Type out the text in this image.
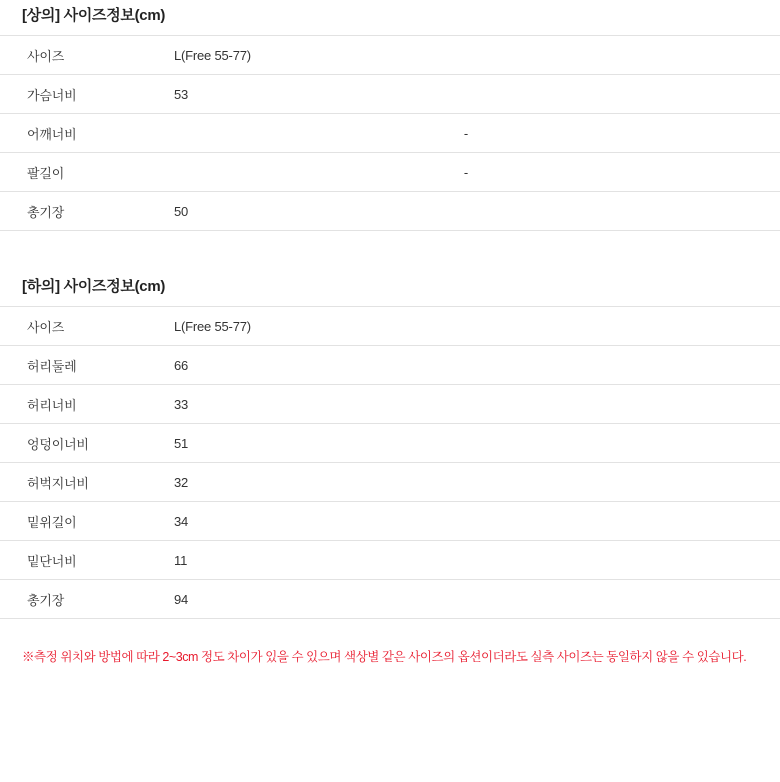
[상의] 사이즈정보(cm)
사이즈	L(Free 55-77)
가슴너비	53
어깨너비	-
팔길이	-
총기장	50
[하의] 사이즈정보(cm)
사이즈	L(Free 55-77)
허리둘레	66
허리너비	33
엉덩이너비	51
허벅지너비	32
밑위길이	34
밑단너비	11
총기장	94
※측정 위치와 방법에 따라 2~3cm 정도 차이가 있을 수 있으며 색상별 같은 사이즈의 옵션이더라도 실측 사이즈는 동일하지 않을 수 있습니다.
